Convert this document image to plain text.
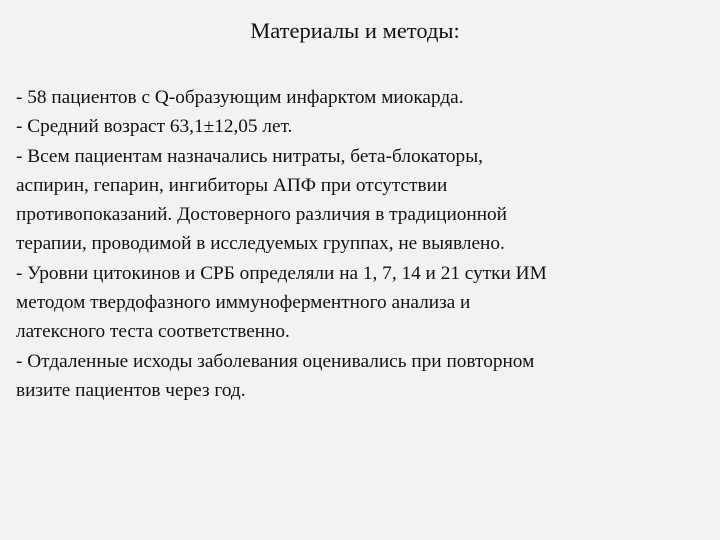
Материалы и методы:
- 58 пациентов с Q-образующим инфарктом миокарда.
- Средний возраст 63,1±12,05 лет.
- Всем пациентам назначались нитраты, бета-блокаторы,
аспирин, гепарин, ингибиторы АПФ при отсутствии
противопоказаний. Достоверного различия в традиционной
терапии, проводимой в исследуемых группах, не выявлено.
- Уровни цитокинов и СРБ определяли на 1, 7, 14 и 21 сутки ИМ
методом твердофазного иммуноферментного анализа и
латексного теста соответственно.
- Отдаленные исходы заболевания оценивались при повторном
визите пациентов через год.
